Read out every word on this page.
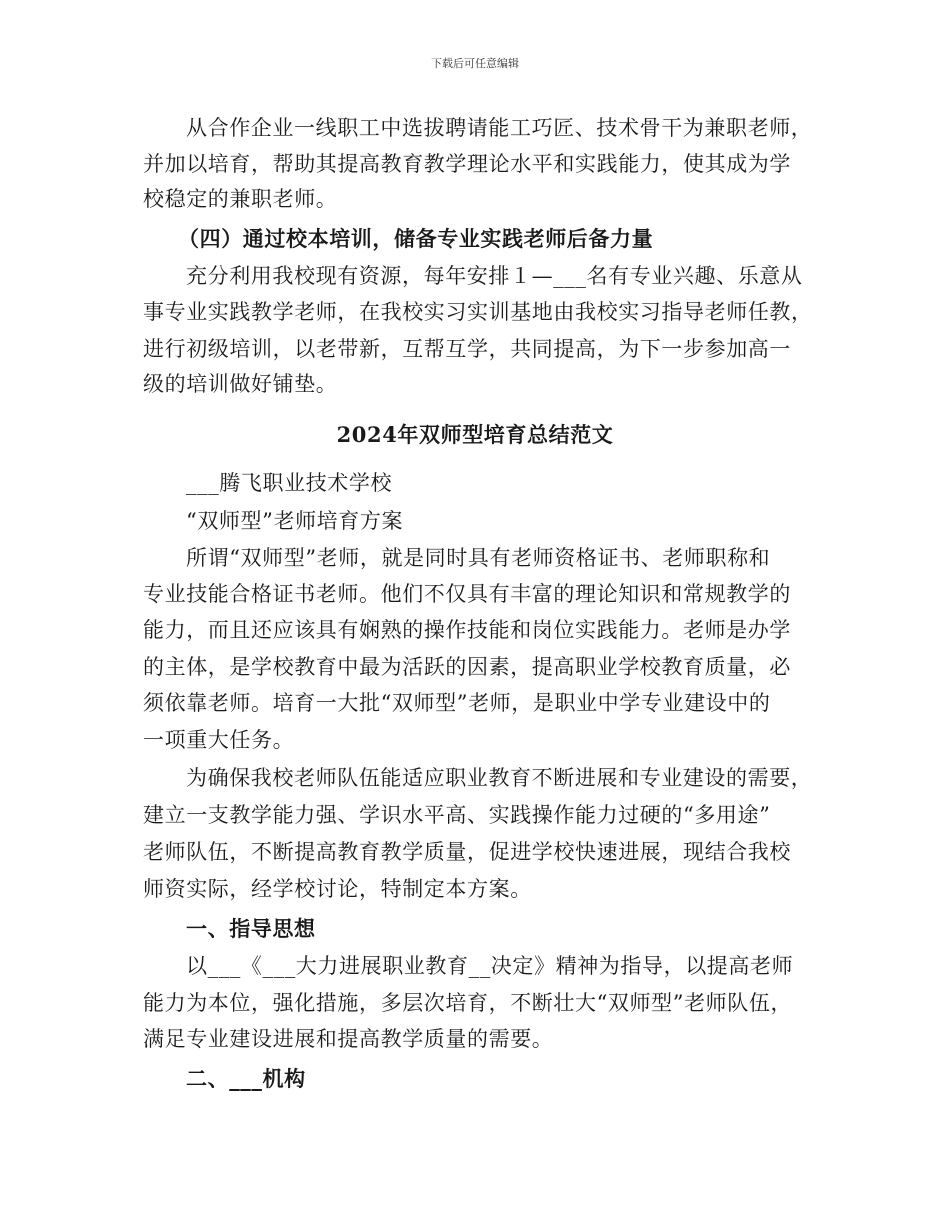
下载后可任意编辑
从合作企业一线职工中选拔聘请能工巧匠、技术骨干为兼职老师，
并加以培育，帮助其提高教育教学理论水平和实践能力，使其成为学
校稳定的兼职老师。
（四）通过校本培训，储备专业实践老师后备力量
充分利用我校现有资源，每年安排１—___名有专业兴趣、乐意从
事专业实践教学老师，在我校实习实训基地由我校实习指导老师任教，
进行初级培训，以老带新，互帮互学，共同提高，为下一步参加高一
级的培训做好铺垫。
2024年双师型培育总结范文
___腾飞职业技术学校
“双师型”老师培育方案
所谓“双师型”老师，就是同时具有老师资格证书、老师职称和
专业技能合格证书老师。他们不仅具有丰富的理论知识和常规教学的
能力，而且还应该具有娴熟的操作技能和岗位实践能力。老师是办学
的主体，是学校教育中最为活跃的因素，提高职业学校教育质量，必
须依靠老师。培育一大批“双师型”老师，是职业中学专业建设中的
一项重大任务。
为确保我校老师队伍能适应职业教育不断进展和专业建设的需要，
建立一支教学能力强、学识水平高、实践操作能力过硬的“多用途”
老师队伍，不断提高教育教学质量，促进学校快速进展，现结合我校
师资实际，经学校讨论，特制定本方案。
一、指导思想
以___《___大力进展职业教育__决定》精神为指导，以提高老师
能力为本位，强化措施，多层次培育，不断壮大“双师型”老师队伍，
满足专业建设进展和提高教学质量的需要。
二、___机构
